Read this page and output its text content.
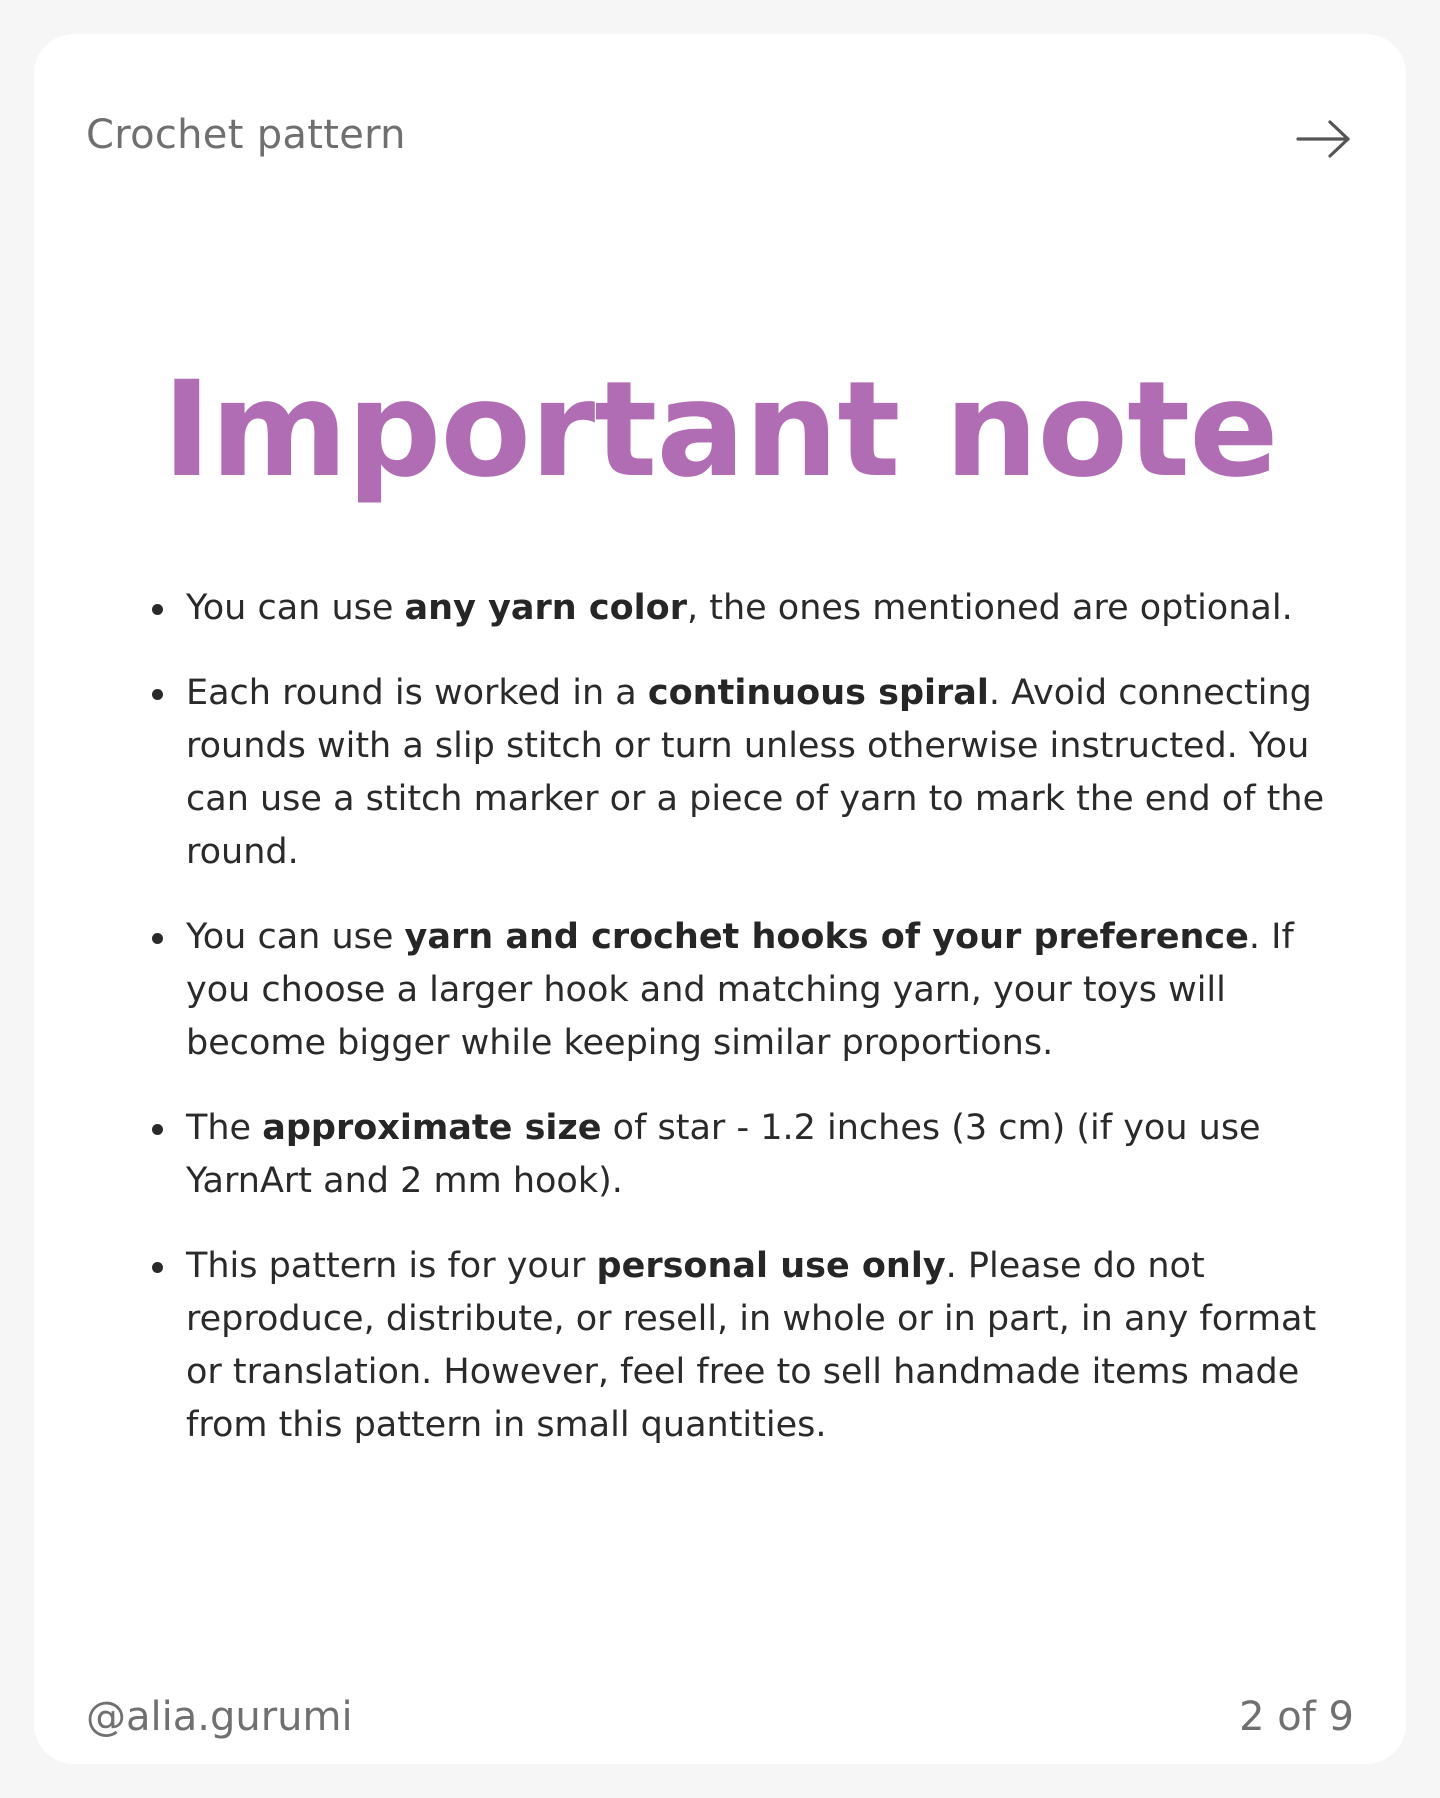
Crochet pattern
Important note
You can use any yarn color, the ones mentioned are optional.
Each round is worked in a continuous spiral. Avoid connecting rounds with a slip stitch or turn unless otherwise instructed. You can use a stitch marker or a piece of yarn to mark the end of the round.
You can use yarn and crochet hooks of your preference. If you choose a larger hook and matching yarn, your toys will become bigger while keeping similar proportions.
The approximate size of star - 1.2 inches (3 cm) (if you use YarnArt and 2 mm hook).
This pattern is for your personal use only. Please do not reproduce, distribute, or resell, in whole or in part, in any format or translation. However, feel free to sell handmade items made from this pattern in small quantities.
@alia.gurumi	2 of 9
